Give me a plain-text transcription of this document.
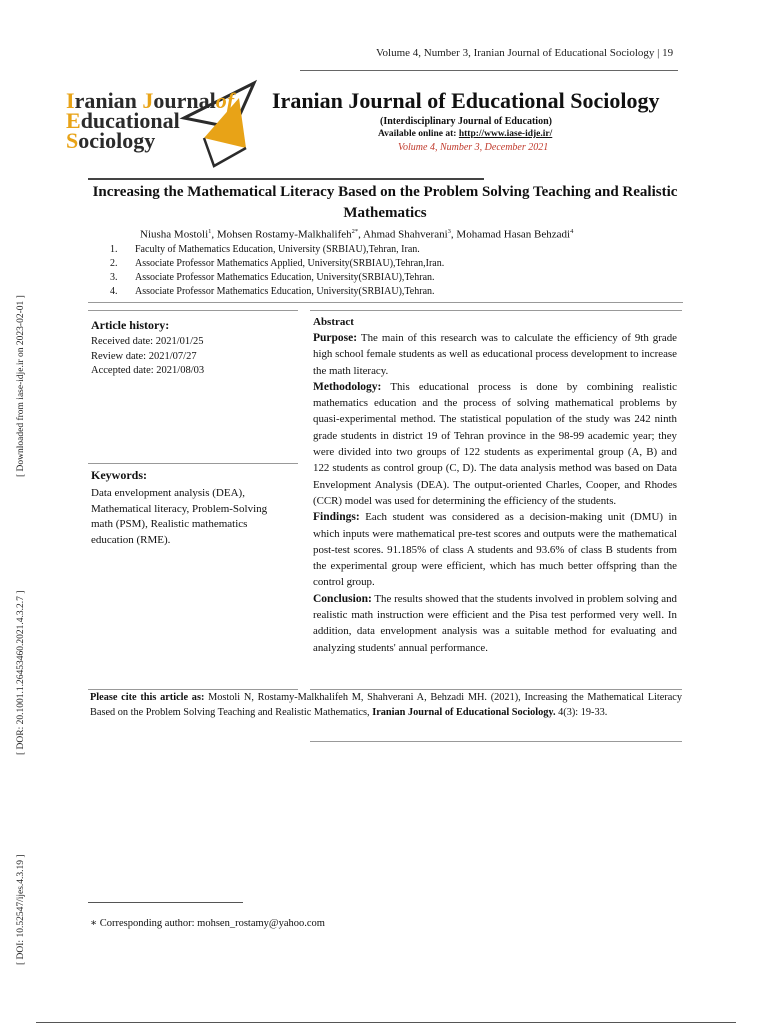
Volume 4, Number 3, Iranian Journal of Educational Sociology | 19
Iranian Journalof
Educational
Sociology
Iranian Journal of Educational Sociology
(Interdisciplinary Journal of Education)
Available online at: http://www.iase-idje.ir/
Volume 4, Number 3, December 2021
Increasing the Mathematical Literacy Based on the Problem Solving Teaching and Realistic Mathematics
Niusha Mostoli$^1$, Mohsen Rostamy-Malkhalifeh$^{2*}$, Ahmad Shahverani$^3$, Mohamad Hasan Behzadi$^4$
1.	Faculty of Mathematics Education, University (SRBIAU),Tehran, Iran.
2.	Associate Professor Mathematics Applied, University(SRBIAU),Tehran,Iran.
3.	Associate Professor Mathematics Education, University(SRBIAU),Tehran.
4.	Associate Professor Mathematics Education, University(SRBIAU),Tehran.
Article history:
Received date: 2021/01/25
Review date: 2021/07/27
Accepted date: 2021/08/03
Keywords:
Data envelopment analysis (DEA), Mathematical literacy, Problem-Solving math (PSM), Realistic mathematics education (RME).
Abstract
Purpose: The main of this research was to calculate the efficiency of 9th grade high school female students as well as educational process development to increase the math literacy.
Methodology: This educational process is done by combining realistic mathematics education and the process of solving mathematical problems by quasi-experimental method. The statistical population of the study was 242 ninth grade students in district 19 of Tehran province in the 98-99 academic year; they were divided into two groups of 122 students as experimental group (A, B) and 122 students as control group (C, D). The data analysis method was based on Data Envelopment Analysis (DEA). The output-oriented Charles, Cooper, and Rhodes (CCR) model was used for determining the efficiency of the students.
Findings: Each student was considered as a decision-making unit (DMU) in which inputs were mathematical pre-test scores and outputs were the mathematical post-test scores. 91.185% of class A students and 93.6% of class B students from the experimental group were efficient, which has much better offspring than the control group.
Conclusion: The results showed that the students involved in problem solving and realistic math instruction were efficient and the Pisa test performed very well. In addition, data envelopment analysis was a suitable method for evaluating and analyzing students' annual performance.
Please cite this article as: Mostoli N, Rostamy-Malkhalifeh M, Shahverani A, Behzadi MH. (2021), Increasing the Mathematical Literacy Based on the Problem Solving Teaching and Realistic Mathematics, Iranian Journal of Educational Sociology. 4(3): 19-33.
∗ Corresponding author: mohsen_rostamy@yahoo.com
[ Downloaded from iase-idje.ir on 2023-02-01 ]
[ DOR: 20.1001.1.26453460.2021.4.3.2.7 ]
[ DOI: 10.52547/ijes.4.3.19 ]
